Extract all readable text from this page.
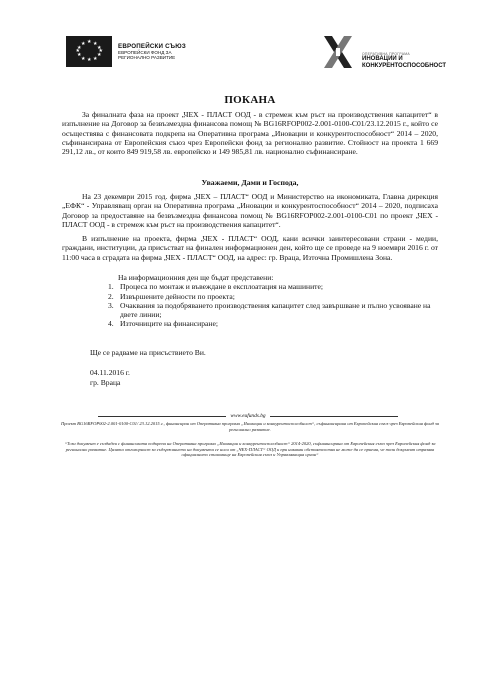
★ ★
★
★
★
★
★
★
★
★
★
★	ЕВРОПЕЙСКИ СЪЮЗ
ЕВРОПЕЙСКИ ФОНД ЗА
РЕГИОНАЛНО РАЗВИТИЕ
ОПЕРАТИВНА ПРОГРАМА
ИНОВАЦИИ И
КОНКУРЕНТОСПОСОБНОСТ
ПОКАНА
За финалната фаза на проект „ЧЕХ - ПЛАСТ ООД - в стремеж към ръст на производствения капацитет“ в изпълнение на Договор за безвъзмездна финансова помощ № BG16RFOP002-2.001-0100-C01/23.12.2015 г., който се осъществява с финансовата подкрепа на Оперативна програма „Иновации и конкурентоспособност“ 2014 – 2020, съфинансирана от Европейския съюз чрез Европейски фонд за регионално развитие. Стойност на проекта 1 669 291,12 лв., от които 849 919,58 лв. европейско и 149 985,81 лв. национално съфинансиране.
Уважаеми, Дами и Господа,
На 23 декември 2015 год. фирма „ЧЕХ – ПЛАСТ“ ООД и Министерство на икономиката, Главна дирекция „ЕФК“ - Управляващ орган на Оперативна програма „Иновации и конкурентоспособност“ 2014 – 2020, подписаха Договор за предоставяне на безвъзмездна финансова помощ № BG16RFOP002-2.001-0100-C01 по проект „ЧЕХ - ПЛАСТ ООД - в стремеж към ръст на производствения капацитет“.
В изпълнение на проекта, фирма „ЧЕХ - ПЛАСТ“ ООД, кани всички заинтересовани страни - медии, граждани, институции, да присъстват на финален информационен ден, който ще се проведе на 9 ноември 2016 г. от 11:00 часа в сградата на фирма „ЧЕХ - ПЛАСТ“ ООД, на адрес: гр. Враца, Източна Промишлена Зона.
На информационния ден ще бъдат представени:
1. Процеса по монтаж и въвеждане в експлоатация на машините;
2. Извършените дейности по проекта;
3. Очаквания за подобряването производствения капацитет след завършване и пълно усвояване на двете линии;
4. Източниците на финансиране;
Ще се радваме на присъствието Ви.
04.11.2016 г.
гр. Враца
www.eufunds.bg
Проект BG16RFOP002-2.001-0100-C01/ 23.12.2015 г., финансиран от Оперативна програма „Иновации и конкурентоспособност“, съфинансирана от Европейския съюз чрез Европейския фонд за регионално развитие.
“Този документ е създаден с финансовата подкрепа на Оперативна програма „Иновации и конкурентоспособност“ 2014-2020, съфинансирана от Европейския съюз чрез Европейския фонд за регионално развитие. Цялата отговорност за съдържанието на документа се носи от „ЧЕХ-ПЛАСТ“ ООД и при никакви обстоятелства не може да се приема, че този документ отразява официалното становище на Европейския съюз и Управляващия орган“
